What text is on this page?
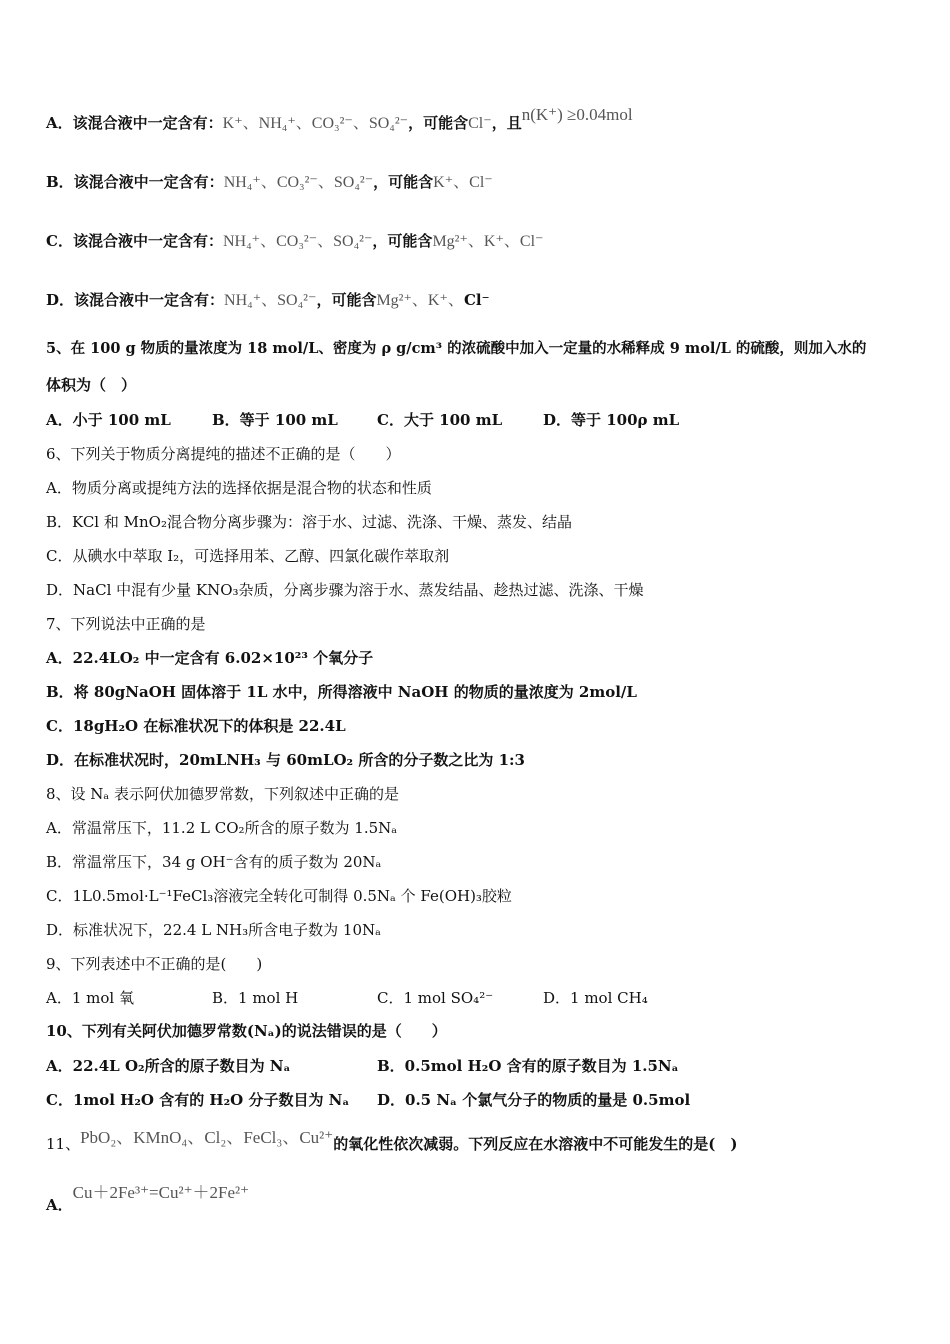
A．该混合液中一定含有：K⁺、NH₄⁺、CO₃²⁻、SO₄²⁻，可能含Cl⁻，且n(K⁺) ≥0.04mol
B．该混合液中一定含有：NH₄⁺、CO₃²⁻、SO₄²⁻，可能含K⁺、Cl⁻
C．该混合液中一定含有：NH₄⁺、CO₃²⁻、SO₄²⁻，可能含Mg²⁺、K⁺、Cl⁻
D．该混合液中一定含有：NH₄⁺、SO₄²⁻，可能含Mg²⁺、K⁺、Cl⁻
5、在 100 g 物质的量浓度为 18 mol/L、密度为 ρ g/cm³ 的浓硫酸中加入一定量的水稀释成 9 mol/L 的硫酸，则加入水的
体积为（　）
A．小于 100 mL	B．等于 100 mL	C．大于 100 mL	D．等于 100ρ mL
6、下列关于物质分离提纯的描述不正确的是（　　）
A．物质分离或提纯方法的选择依据是混合物的状态和性质
B．KCl 和 MnO₂混合物分离步骤为：溶于水、过滤、洗涤、干燥、蒸发、结晶
C．从碘水中萃取 I₂，可选择用苯、乙醇、四氯化碳作萃取剂
D．NaCl 中混有少量 KNO₃杂质，分离步骤为溶于水、蒸发结晶、趁热过滤、洗涤、干燥
7、下列说法中正确的是
A．22.4LO₂ 中一定含有 6.02×10²³ 个氧分子
B．将 80gNaOH 固体溶于 1L 水中，所得溶液中 NaOH 的物质的量浓度为 2mol/L
C．18gH₂O 在标准状况下的体积是 22.4L
D．在标准状况时，20mLNH₃ 与 60mLO₂ 所含的分子数之比为 1:3
8、设 Nₐ 表示阿伏加德罗常数，下列叙述中正确的是
A．常温常压下，11.2 L CO₂所含的原子数为 1.5Nₐ
B．常温常压下，34 g OH⁻含有的质子数为 20Nₐ
C．1L0.5mol·L⁻¹FeCl₃溶液完全转化可制得 0.5Nₐ 个 Fe(OH)₃胶粒
D．标准状况下，22.4 L NH₃所含电子数为 10Nₐ
9、下列表述中不正确的是(　　)
A．1 mol 氧	B．1 mol H	C．1 mol SO₄²⁻	D．1 mol CH₄
10、下列有关阿伏加德罗常数(Nₐ)的说法错误的是（　　）
A．22.4L O₂所含的原子数目为 Nₐ	B．0.5mol H₂O 含有的原子数目为 1.5Nₐ
C．1mol H₂O 含有的 H₂O 分子数目为 Nₐ D．0.5 Nₐ 个氯气分子的物质的量是 0.5mol
11、PbO₂、KMnO₄、Cl₂、FeCl₃、Cu²⁺的氧化性依次减弱。下列反应在水溶液中不可能发生的是(　)
A．Cu＋2Fe³⁺=Cu²⁺＋2Fe²⁺
